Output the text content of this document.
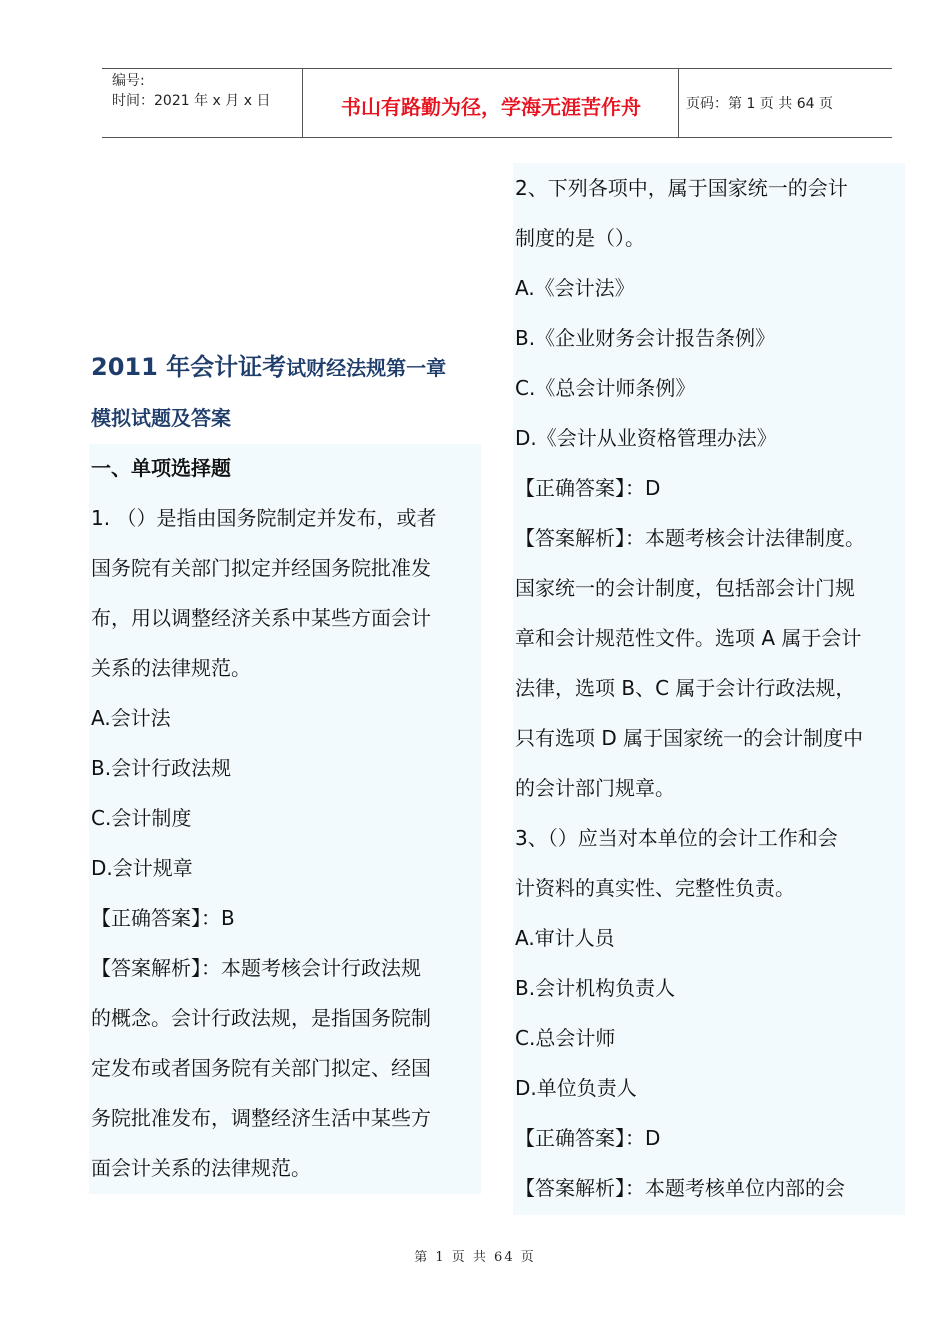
编号:
时间：2021 年 x 月 x 日	书山有路勤为径，学海无涯苦作舟	页码：第 1 页 共 64 页

2011 年会计证考试财经法规第一章

模拟试题及答案

一、单项选择题

1. （）是指由国务院制定并发布，或者

国务院有关部门拟定并经国务院批准发

布，用以调整经济关系中某些方面会计

关系的法律规范。

A.会计法

B.会计行政法规

C.会计制度

D.会计规章

【正确答案】：B

【答案解析】：本题考核会计行政法规

的概念。会计行政法规，是指国务院制

定发布或者国务院有关部门拟定、经国

务院批准发布，调整经济生活中某些方

面会计关系的法律规范。

2、下列各项中，属于国家统一的会计

制度的是（）。

A.《会计法》

B.《企业财务会计报告条例》

C.《总会计师条例》

D.《会计从业资格管理办法》

【正确答案】：D

【答案解析】：本题考核会计法律制度。

国家统一的会计制度，包括部会计门规

章和会计规范性文件。选项 A 属于会计

法律，选项 B、C 属于会计行政法规，

只有选项 D 属于国家统一的会计制度中

的会计部门规章。

3、（）应当对本单位的会计工作和会

计资料的真实性、完整性负责。

A.审计人员

B.会计机构负责人

C.总会计师

D.单位负责人

【正确答案】：D

【答案解析】：本题考核单位内部的会

第 1 页 共 64 页
